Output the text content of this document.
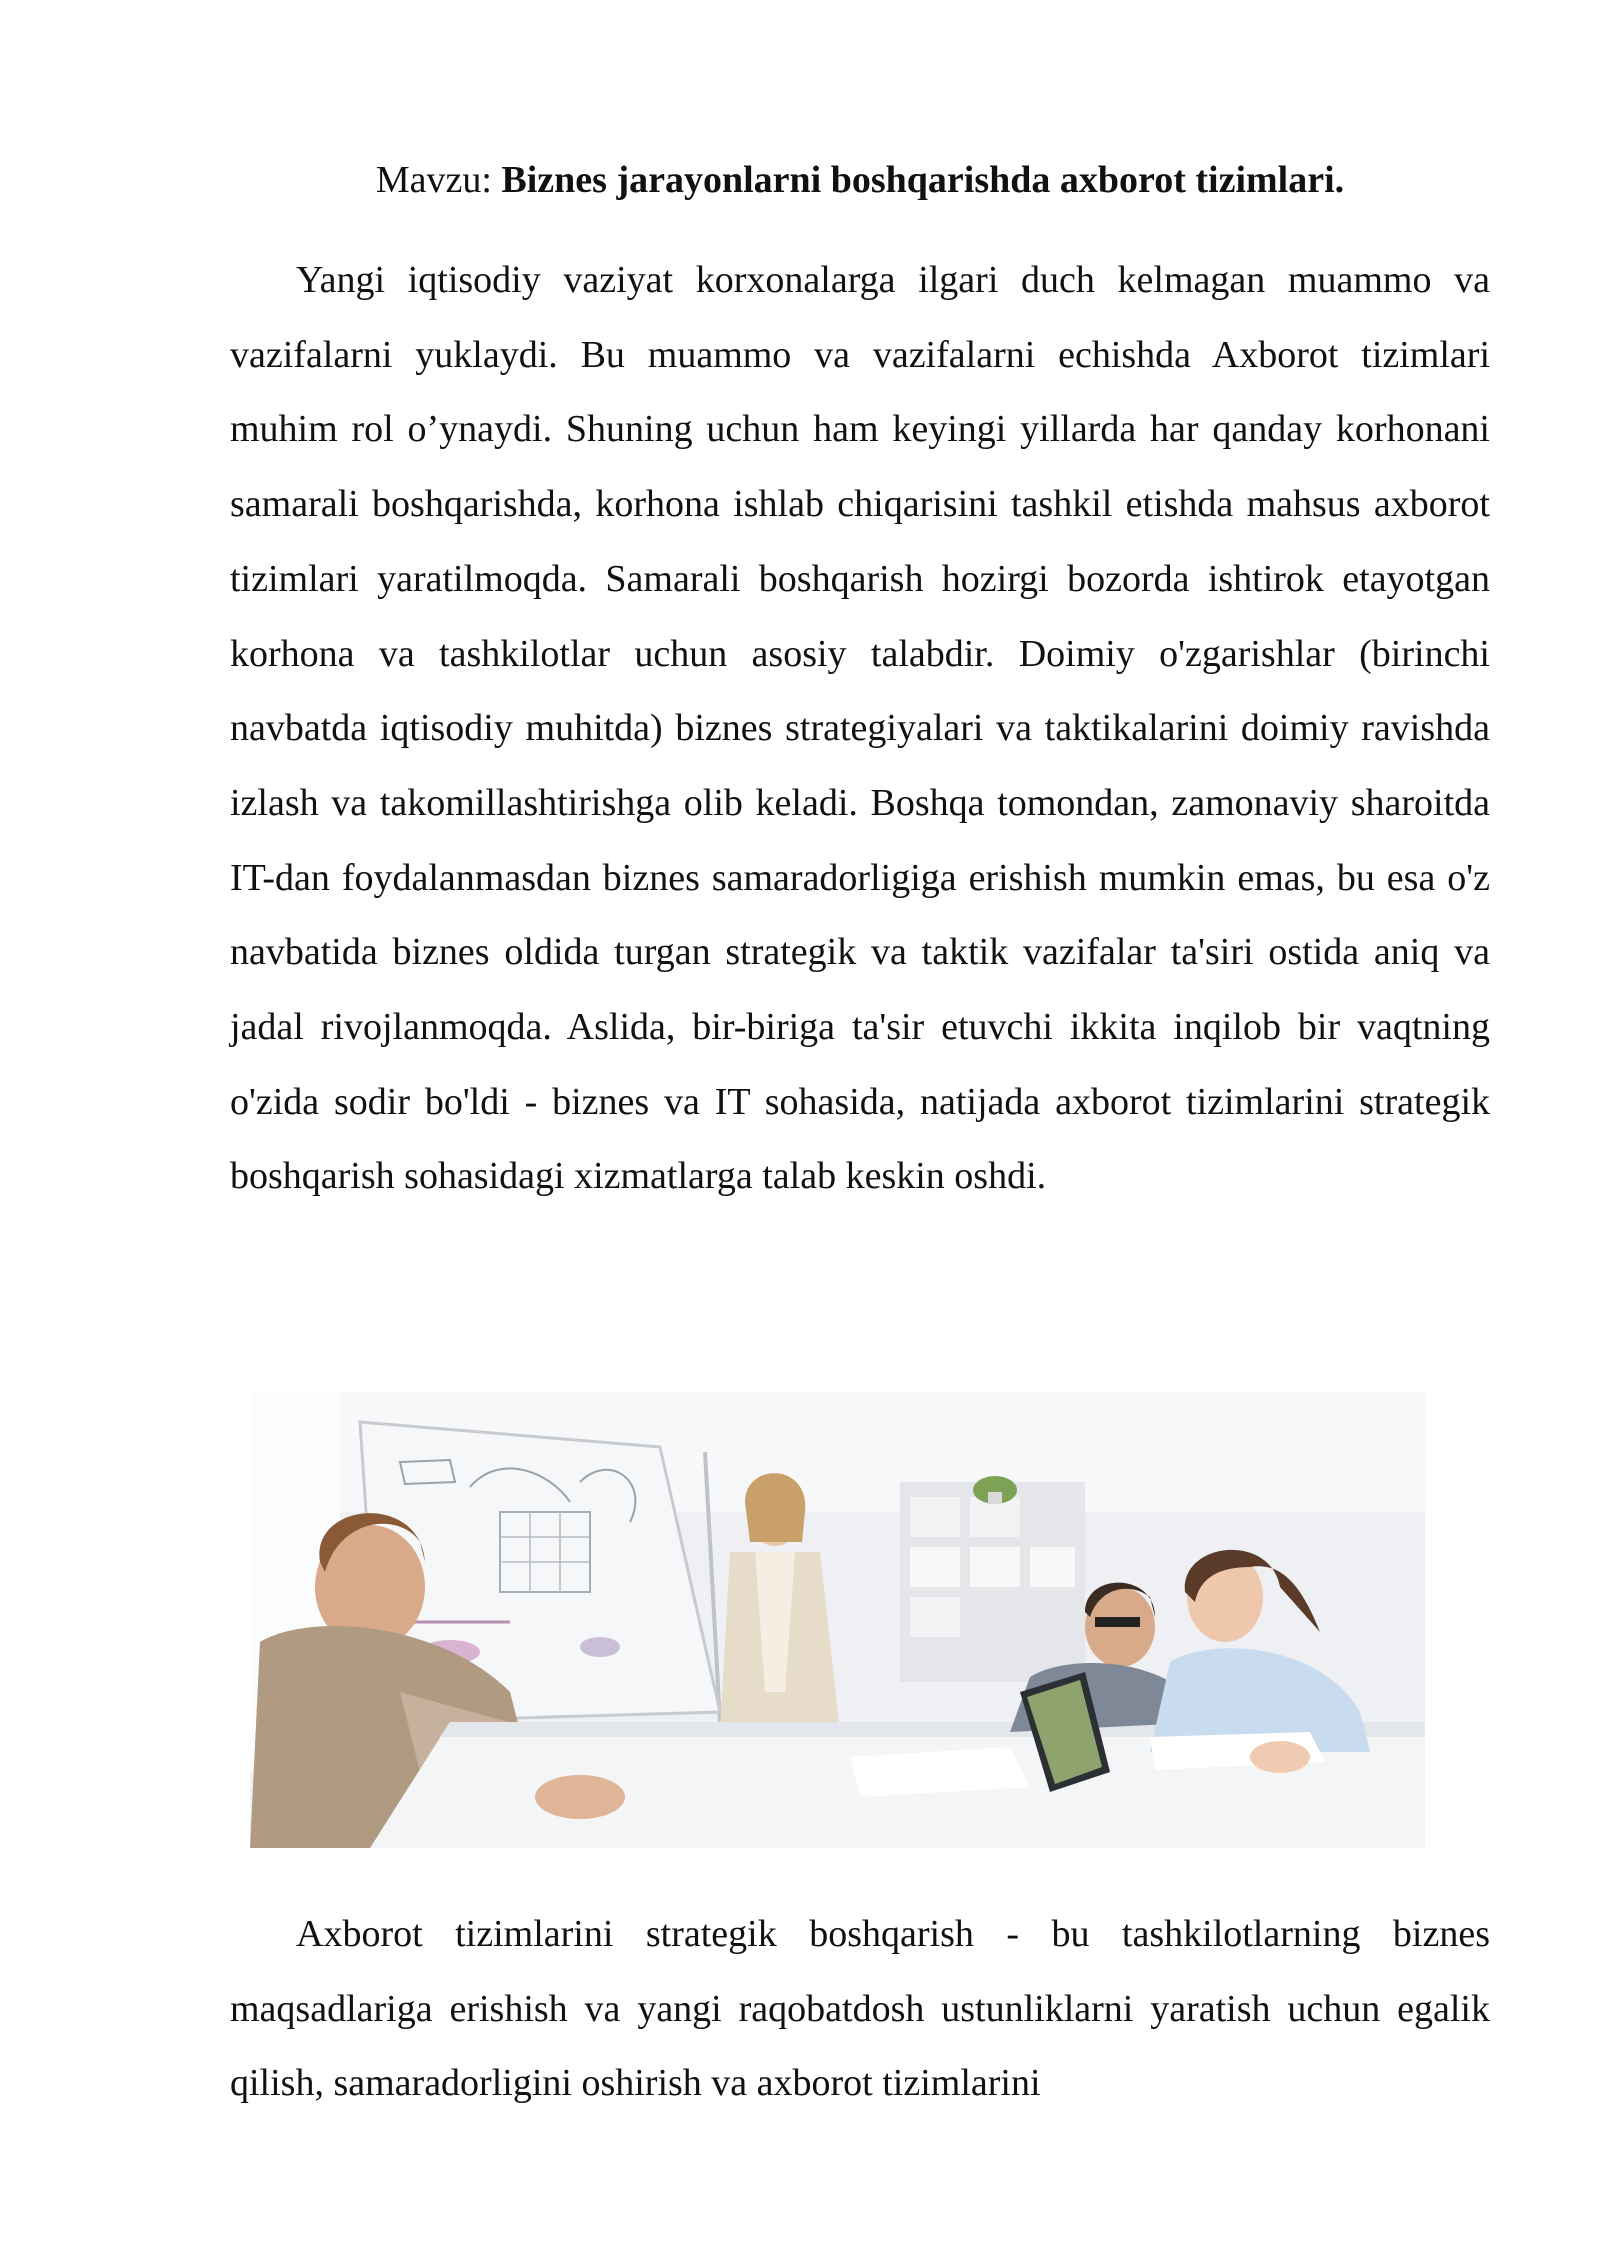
Mavzu: Biznes jarayonlarni boshqarishda axborot tizimlari.

Yangi iqtisodiy vaziyat korxonalarga ilgari duch kelmagan muammo va vazifalarni yuklaydi. Bu muammo va vazifalarni echishda Axborot tizimlari muhim rol o’ynaydi. Shuning uchun ham keyingi yillarda har qanday korhonani samarali boshqarishda, korhona ishlab chiqarisini tashkil etishda mahsus axborot tizimlari yaratilmoqda. Samarali boshqarish hozirgi bozorda ishtirok etayotgan korhona va tashkilotlar uchun asosiy talabdir. Doimiy o'zgarishlar (birinchi navbatda iqtisodiy muhitda) biznes strategiyalari va taktikalarini doimiy ravishda izlash va takomillashtirishga olib keladi. Boshqa tomondan, zamonaviy sharoitda IT-dan foydalanmasdan biznes samaradorligiga erishish mumkin emas, bu esa o'z navbatida biznes oldida turgan strategik va taktik vazifalar ta'siri ostida aniq va jadal rivojlanmoqda. Aslida, bir-biriga ta'sir etuvchi ikkita inqilob bir vaqtning o'zida sodir bo'ldi - biznes va IT sohasida, natijada axborot tizimlarini strategik boshqarish sohasidagi xizmatlarga talab keskin oshdi.

Axborot tizimlarini strategik boshqarish - bu tashkilotlarning biznes maqsadlariga erishish va yangi raqobatdosh ustunliklarni yaratish uchun egalik qilish, samaradorligini oshirish va axborot tizimlarini
